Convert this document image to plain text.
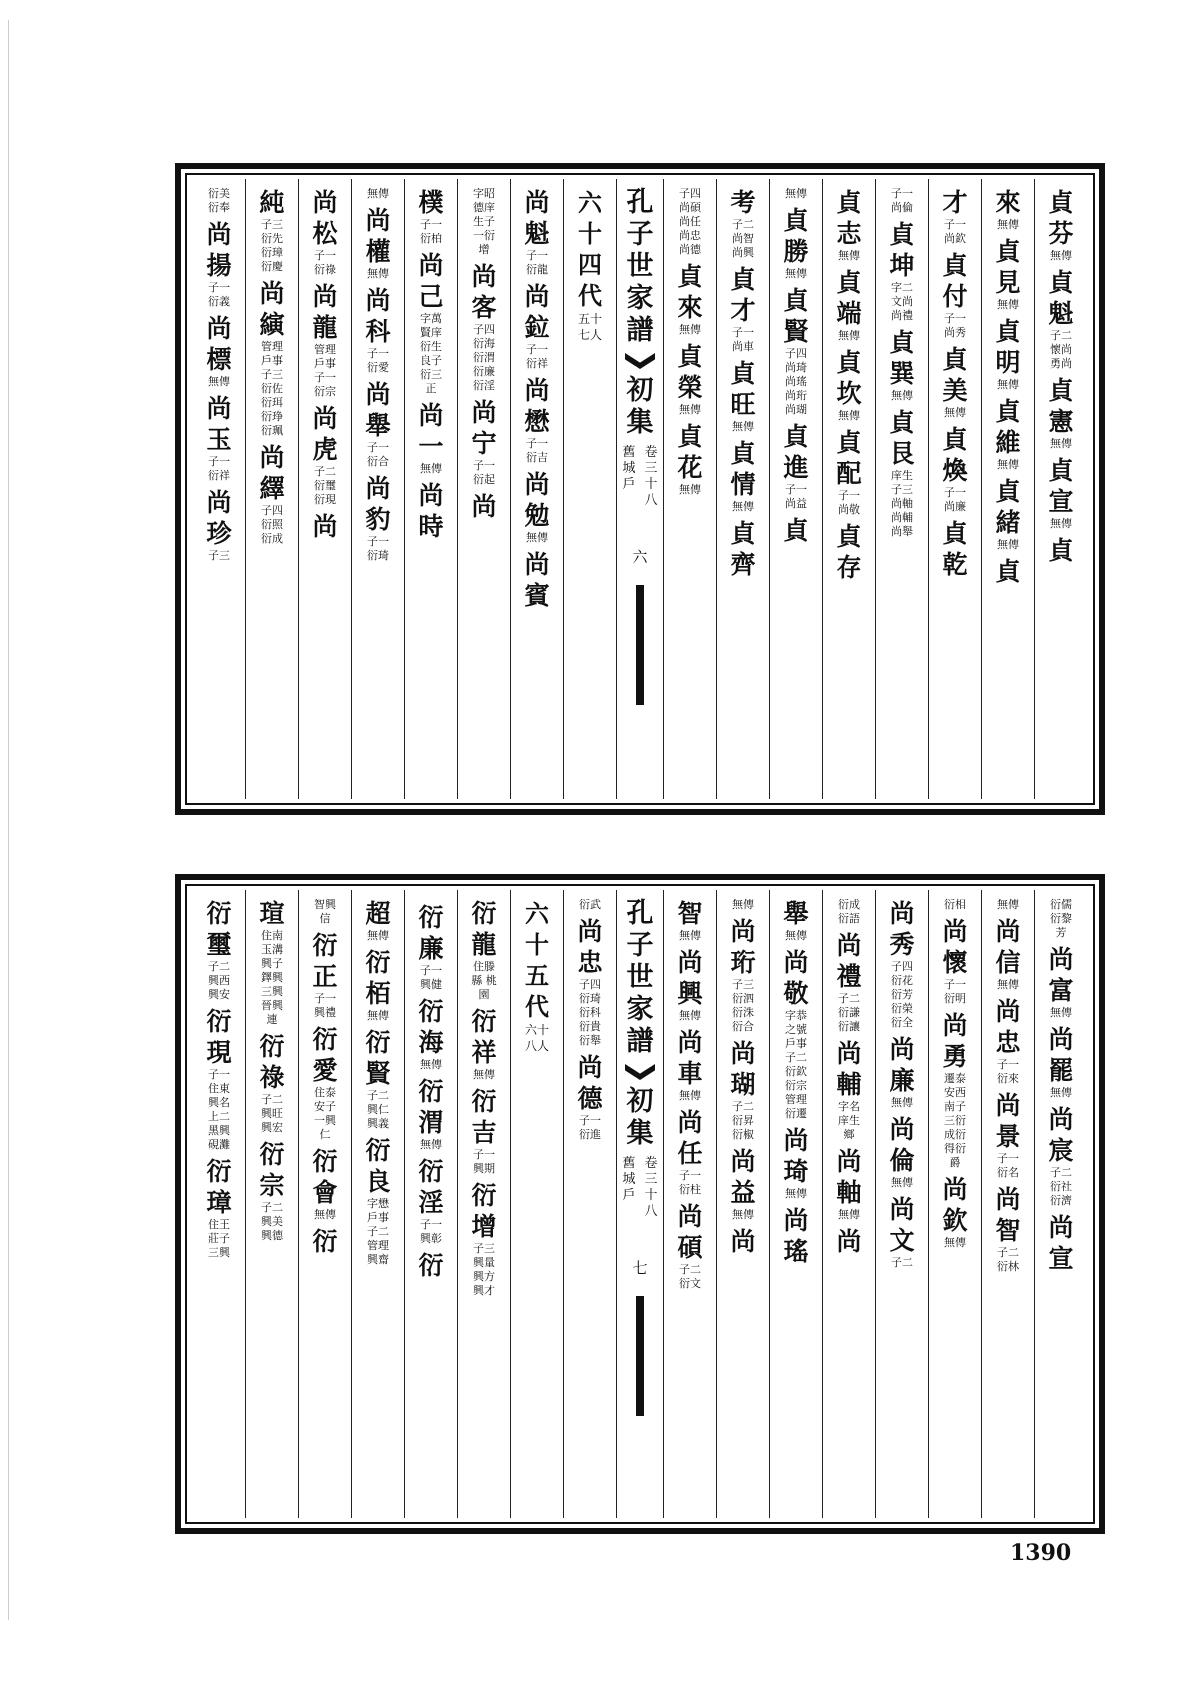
貞芬
無傳
貞魁
子二 懷尚 勇尚
貞憲
無傳
貞宣
無傳
貞
來
無傳
貞見
無傳
貞明
無傳
貞維
無傳
貞緒
無傳
貞
才
子一 尚欽
貞付
子一 尚秀
貞美
無傳
貞煥
子一 尚廉
貞乾
子一 尚倫
貞坤
字二 文尚 尚禮
貞巽
無傳
貞艮
庠生 子三 尚軸 尚輔 尚舉
貞志
無傳
貞端
無傳
貞坎
無傳
貞配
子一 尚敬
貞存
無傳
貞勝
無傳
貞賢
子四 尚琦 尚瑤 尚珩 尚瑚
貞進
子一 尚益
貞
考
子二 尚智 尚興
貞才
子一 尚車
貞旺
無傳
貞情
無傳
貞齊
子四 尚碩 尚任 尚忠 尚德
貞來
無傳
貞榮
無傳
貞花
無傳
孔子世家譜
初集
卷三十八
舊城戶
六
六十四代
五十七人
尚魁
子一 衍龍
尚鉝
子一 衍祥
尚懋
子一 衍吉
尚勉
無傳
尚賓
字昭 德庠 生子 一衍 增
尚客
子四 衍海 衍渭 衍廉 衍淫
尚宁
子一 衍起
尚
樸
子一 衍柏
尚己
字萬 賢庠 衍生 良子 衍三 正
尚一
無傳
尚時
無傳
尚權
無傳
尚科
子一 衍愛
尚舉
子一 衍合
尚豹
子一 衍琦
尚松
子一 衍祿
尚龍
管理 戶事 子一 衍宗
尚虎
子二 衍璽 衍現
尚
純
子三 衍先 衍璋 衍慶
尚縯
管理 戶事 子三 衍佐 衍珥 衍琤 衍珮
尚繹
子四 衍照 衍成
衍美 衍奉
尚揚
子一 衍義
尚標
無傳
尚玉
子一 衍祥
尚珍
子三
衍儒 衍黎 芳
尚富
無傳
尚罷
無傳
尚宸
子二 衍社 衍濟
尚宣
無傳
尚信
無傳
尚忠
子一 衍來
尚景
子一 衍名
尚智
子二 衍林
衍相
尚懷
子一 衍明
尚勇
遷泰 安西 南子 三衍 成衍 得衍 爵
尚欽
無傳
尚秀
子四 衍花 衍芳 衍榮 衍全
尚廉
無傳
尚倫
無傳
尚文
子二
衍成 衍語
尚禮
子二 衍謙 衍讓
尚輔
字名 庠生 鄉
尚軸
無傳
尚
舉
無傳
尚敬
字恭 之號 戶事 子二 衍欽 衍宗 管理 衍遷
尚琦
無傳
尚瑤
無傳
尚珩
子三 衍泗 衍洙 衍合
尚瑚
子二 衍昇 衍椒
尚益
無傳
尚
智
無傳
尚興
無傳
尚車
無傳
尚任
子一 衍柱
尚碩
子二 衍文
孔子世家譜
初集
卷三十八
舊城戶
七
衍武
尚忠
子四 衍琦 衍科 衍貴 衍舉
尚德
子一 衍進
六十五代
六十八人
衍龍
住滕 縣 桃園
衍祥
無傳
衍吉
子一 興期
衍增
子三 興量 興方 興才
衍廉
子一 興健
衍海
無傳
衍渭
無傳
衍淫
子一 興彰
衍
超
無傳
衍栢
無傳
衍賢
子二 興仁 興義
衍良
字懋 戶事 子二 管理 興齋
智興 信
衍正
子一 興禮
衍愛
住泰 安子 一興 仁
衍會
無傳
衍
瑄
住南 玉溝 興子 鐸興 三興 晉興 連
衍祿
子二 興旺 興宏
衍宗
子二 興美 興德
衍璽
子二 興西 興安
衍現
子一 住東 興名 上二 黑興 硯灘
衍璋
住王 莊子 三興
1390
